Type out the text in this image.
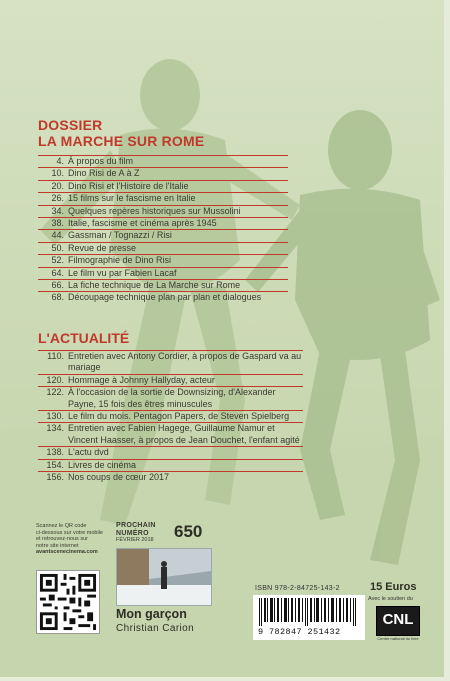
DOSSIER
LA MARCHE SUR ROME
4. À propos du film
10. Dino Risi de A à Z
20. Dino Risi et l'Histoire de l'Italie
26. 15 films sur le fascisme en Italie
34. Quelques repères historiques sur Mussolini
38. Italie, fascisme et cinéma après 1945
44. Gassman / Tognazzi / Risi
50. Revue de presse
52. Filmographie de Dino Risi
64. Le film vu par Fabien Lacaf
66. La fiche technique de La Marche sur Rome
68. Découpage technique plan par plan et dialogues
L'ACTUALITÉ
110. Entretien avec Antony Cordier, à propos de Gaspard va au mariage
120. Hommage à Johnny Hallyday, acteur
122. À l'occasion de la sortie de Downsizing, d'Alexander Payne, 15 fois des êtres minuscules
130. Le film du mois. Pentagon Papers, de Steven Spielberg
134. Entretien avec Fabien Hagege, Guillaume Namur et Vincent Haasser, à propos de Jean Douchet, l'enfant agité
138. L'actu dvd
154. Livres de cinéma
156. Nos coups de cœur 2017
Scannez le QR code
ci-dessous sur votre mobile
et retrouvez-nous sur
notre site internet
avantscenecinema.com
PROCHAIN
NUMÉRO
FÉVRIER 2018	650
Mon garçon
Christian Carion
ISBN 978-2-84725-143-2
9 782847 251432
15 Euros
Avec le soutien du
CNL
Centre national du livre
